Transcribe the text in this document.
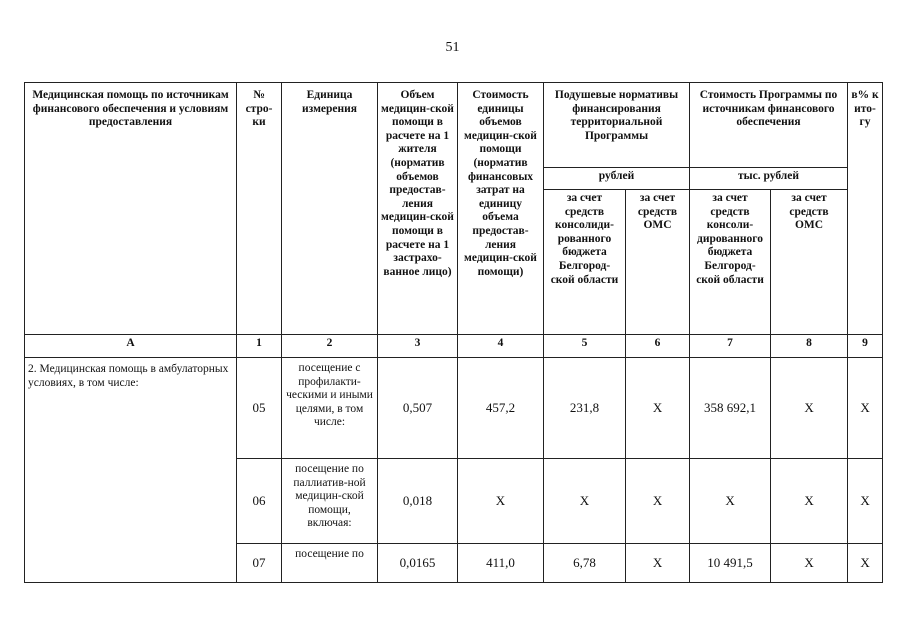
51
Медицинская помощь по источникам финансового обеспечения и условиям предоставления	№ стро-ки	Единица измерения	Объем медицин-ской помощи в расчете на 1 жителя (норматив объемов предостав-ления медицин-ской помощи в расчете на 1 застрахо-ванное лицо)	Стоимость единицы объемов медицин-ской помощи (норматив финансовых затрат на единицу объема предостав-ления медицин-ской помощи)	Подушевые нормативы финансирования территориальной Программы		Стоимость Программы по источникам финансового обеспечения		в% к ито-гу
					рублей		тыс. рублей		
					за счет средств консолиди-рованного бюджета Белгород-ской области	за счет средств ОМС	за счет средств консоли-дированного бюджета Белгород-ской области	за счет средств ОМС	
А	1	2	3	4	5	6	7	8	9
2. Медицинская помощь в амбулаторных условиях, в том числе:	05	посещение с профилакти-ческими и иными целями, в том числе:	0,507	457,2	231,8	X	358 692,1	X	X
	06	посещение по паллиатив-ной медицин-ской помощи, включая:	0,018	X	X	X	X	X	X
	07	посещение по	0,0165	411,0	6,78	X	10 491,5	X	X
